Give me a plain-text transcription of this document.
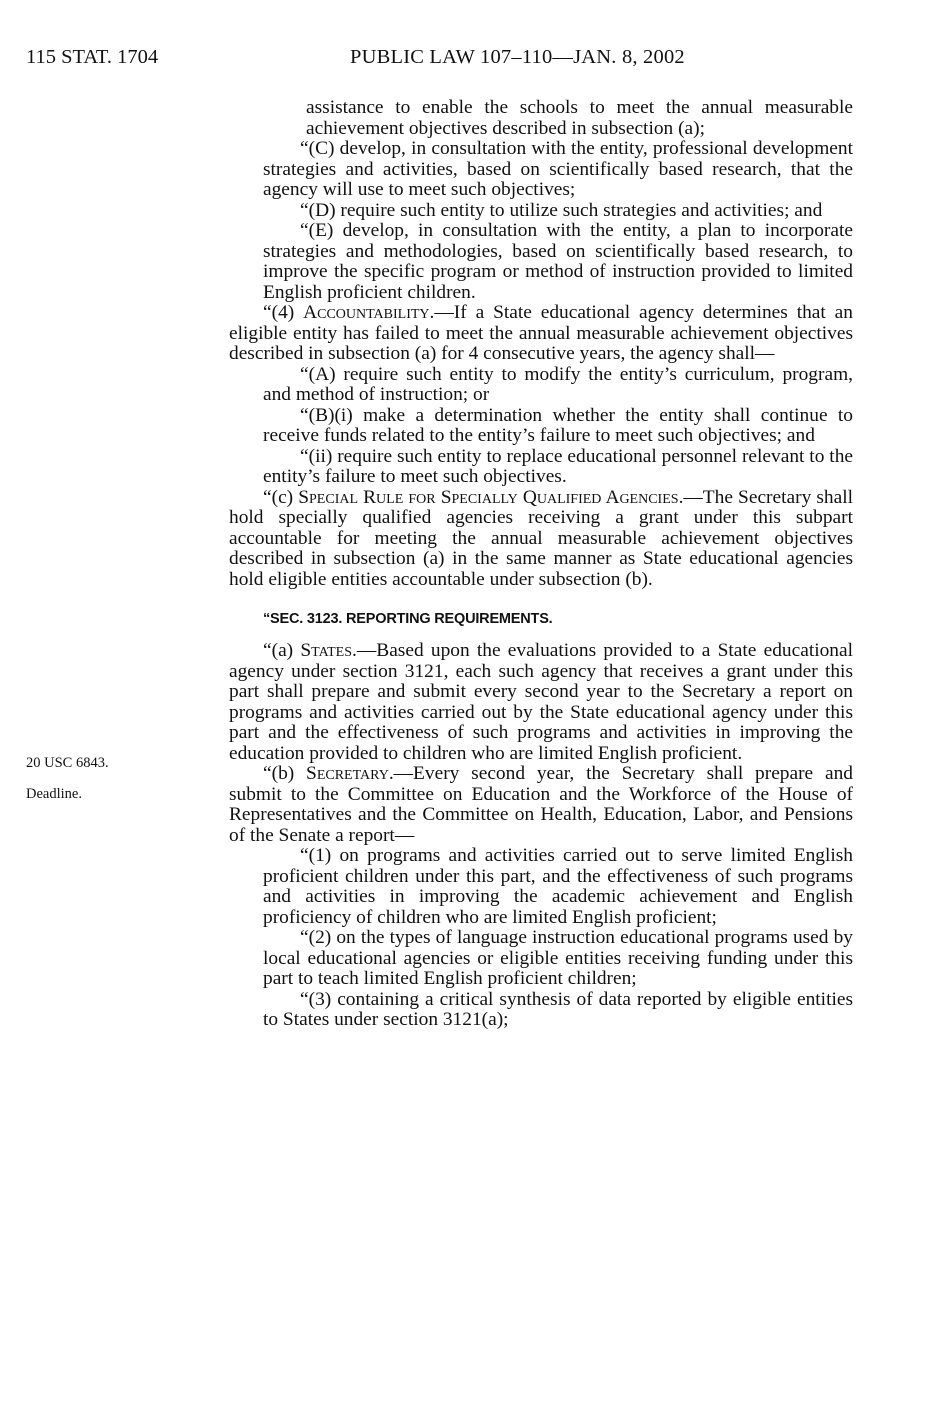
115 STAT. 1704	PUBLIC LAW 107–110—JAN. 8, 2002
20 USC 6843.
Deadline.

assistance to enable the schools to meet the annual measurable achievement objectives described in subsection (a);

“(C) develop, in consultation with the entity, professional development strategies and activities, based on scientifically based research, that the agency will use to meet such objectives;

“(D) require such entity to utilize such strategies and activities; and

“(E) develop, in consultation with the entity, a plan to incorporate strategies and methodologies, based on scientifically based research, to improve the specific program or method of instruction provided to limited English proficient children.

“(4) Accountability.—If a State educational agency determines that an eligible entity has failed to meet the annual measurable achievement objectives described in subsection (a) for 4 consecutive years, the agency shall—

“(A) require such entity to modify the entity’s curriculum, program, and method of instruction; or

“(B)(i) make a determination whether the entity shall continue to receive funds related to the entity’s failure to meet such objectives; and

“(ii) require such entity to replace educational personnel relevant to the entity’s failure to meet such objectives.

“(c) Special Rule for Specially Qualified Agencies.—The Secretary shall hold specially qualified agencies receiving a grant under this subpart accountable for meeting the annual measurable achievement objectives described in subsection (a) in the same manner as State educational agencies hold eligible entities accountable under subsection (b).

“SEC. 3123. REPORTING REQUIREMENTS.

“(a) States.—Based upon the evaluations provided to a State educational agency under section 3121, each such agency that receives a grant under this part shall prepare and submit every second year to the Secretary a report on programs and activities carried out by the State educational agency under this part and the effectiveness of such programs and activities in improving the education provided to children who are limited English proficient.

“(b) Secretary.—Every second year, the Secretary shall prepare and submit to the Committee on Education and the Workforce of the House of Representatives and the Committee on Health, Education, Labor, and Pensions of the Senate a report—

“(1) on programs and activities carried out to serve limited English proficient children under this part, and the effectiveness of such programs and activities in improving the academic achievement and English proficiency of children who are limited English proficient;

“(2) on the types of language instruction educational programs used by local educational agencies or eligible entities receiving funding under this part to teach limited English proficient children;

“(3) containing a critical synthesis of data reported by eligible entities to States under section 3121(a);
